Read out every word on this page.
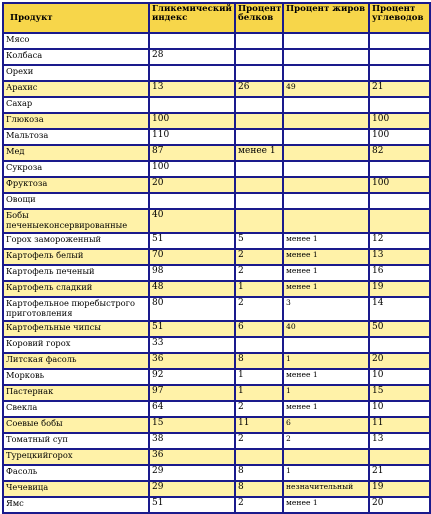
Продукт	Гликемический индекс	Процент белков	Процент жиров	Процент углеводов
Мясо				
Колбаса	28			
Орехи				
Арахис	13	26	49	21
Сахар				
Глюкоза	100			100
Мальтоза	110			100
Мед	87	менее 1		82
Сукроза	100			
Фруктоза	20			100
Овощи				
Бобы печеныеконсервированные	40			
Горох замороженный	51	5	менее 1	12
Картофель белый	70	2	менее 1	13
Картофель печеный	98	2	менее 1	16
Картофель сладкий	48	1	менее 1	19
Картофельное пюребыстрого приготовления	80	2	3	14
Картофельные чипсы	51	6	40	50
Коровий горох	33			
Литская фасоль	36	8	1	20
Морковь	92	1	менее 1	10
Пастернак	97	1	1	15
Свекла	64	2	менее 1	10
Соевые бобы	15	11	6	11
Томатный суп	38	2	2	13
Турецкийгорох	36			
Фасоль	29	8	1	21
Чечевица	29	8	незначительный	19
Ямс	51	2	менее 1	20
